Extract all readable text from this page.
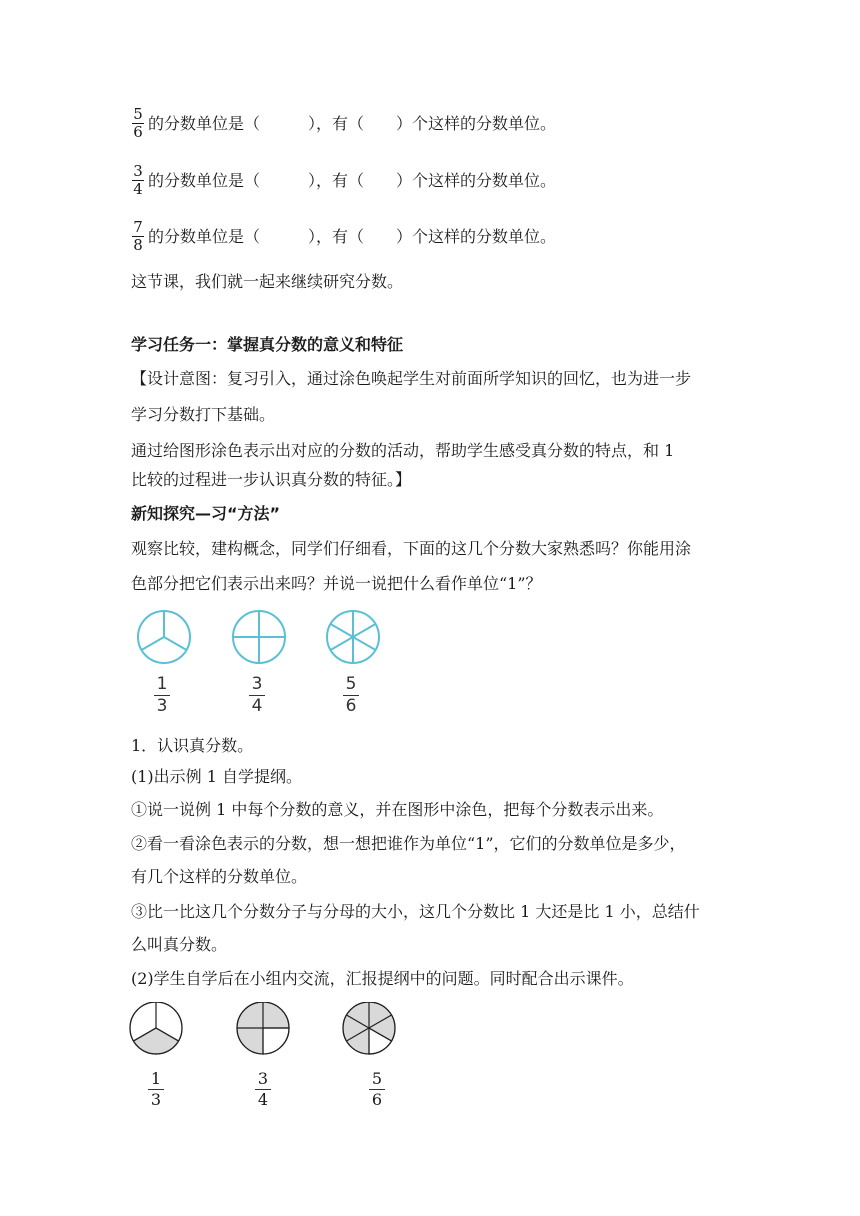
$\frac{5}{6}$ 的分数单位是（　　　），有（　　）个这样的分数单位。
$\frac{3}{4}$ 的分数单位是（　　　），有（　　）个这样的分数单位。
$\frac{7}{8}$ 的分数单位是（　　　），有（　　）个这样的分数单位。
这节课，我们就一起来继续研究分数。
学习任务一：掌握真分数的意义和特征
【设计意图：复习引入，通过涂色唤起学生对前面所学知识的回忆，也为进一步
学习分数打下基础。
通过给图形涂色表示出对应的分数的活动，帮助学生感受真分数的特点，和 1
比较的过程进一步认识真分数的特征。】
新知探究—习“方法”
观察比较，建构概念，同学们仔细看，下面的这几个分数大家熟悉吗？你能用涂
色部分把它们表示出来吗？并说一说把什么看作单位“1”？
1
3
3
4
5
6
1．认识真分数。
(1)出示例 1 自学提纲。
①说一说例 1 中每个分数的意义，并在图形中涂色，把每个分数表示出来。
②看一看涂色表示的分数，想一想把谁作为单位“1”，它们的分数单位是多少，
有几个这样的分数单位。
③比一比这几个分数分子与分母的大小，这几个分数比 1 大还是比 1 小，总结什
么叫真分数。
(2)学生自学后在小组内交流，汇报提纲中的问题。同时配合出示课件。
1
3
3
4
5
6
